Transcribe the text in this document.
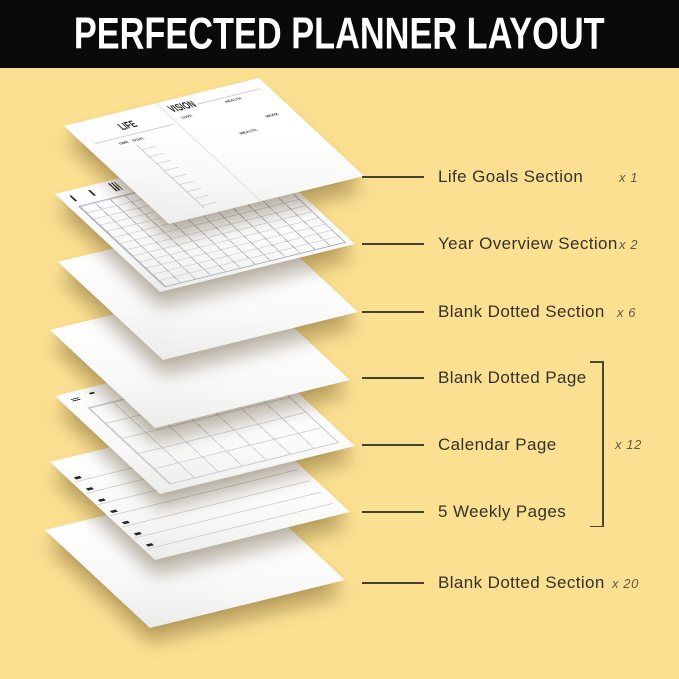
PERFECTED PLANNER LAYOUT
LIFE
TIME
GOAL
VISION
LOVE
HEALTH
WEALTH
WORK
Life Goals Section
Year Overview Section
Blank Dotted Section
Blank Dotted Page
Calendar Page
5 Weekly Pages
Blank Dotted Section
x 1
x 2
x 6
x 20
x 12
